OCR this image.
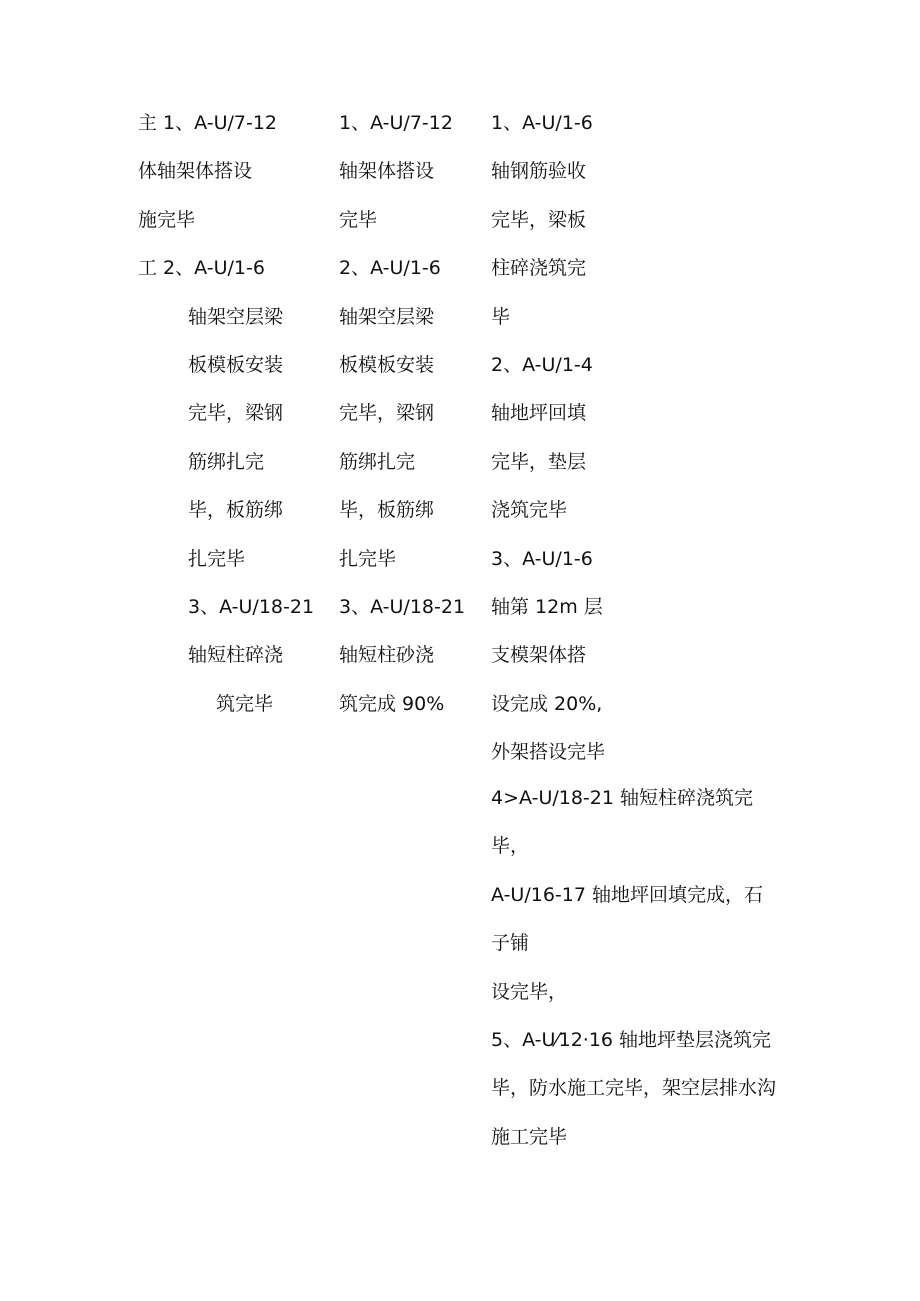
主 1、A-U/7-12
体轴架体搭设
施完毕
工 2、A-U/1-6
轴架空层梁
板模板安装
完毕，梁钢
筋绑扎完
毕，板筋绑
扎完毕
3、A-U/18-21
轴短柱碎浇
筑完毕
1、A-U/7-12
轴架体搭设
完毕
2、A-U/1-6
轴架空层梁
板模板安装
完毕，梁钢
筋绑扎完
毕，板筋绑
扎完毕
3、A-U/18-21
轴短柱砂浇
筑完成 90%
1、A-U/1-6
轴钢筋验收
完毕，梁板
柱碎浇筑完
毕
2、A-U/1-4
轴地坪回填
完毕，垫层
浇筑完毕
3、A-U/1-6
轴第 12m 层
支模架体搭
设完成 20%,
外架搭设完毕
4>A-U/18-21 轴短柱碎浇筑完
毕，
A-U/16-17 轴地坪回填完成，石
子铺
设完毕，
5、A-U⁄12·16 轴地坪垫层浇筑完
毕，防水施工完毕，架空层排水沟
施工完毕
